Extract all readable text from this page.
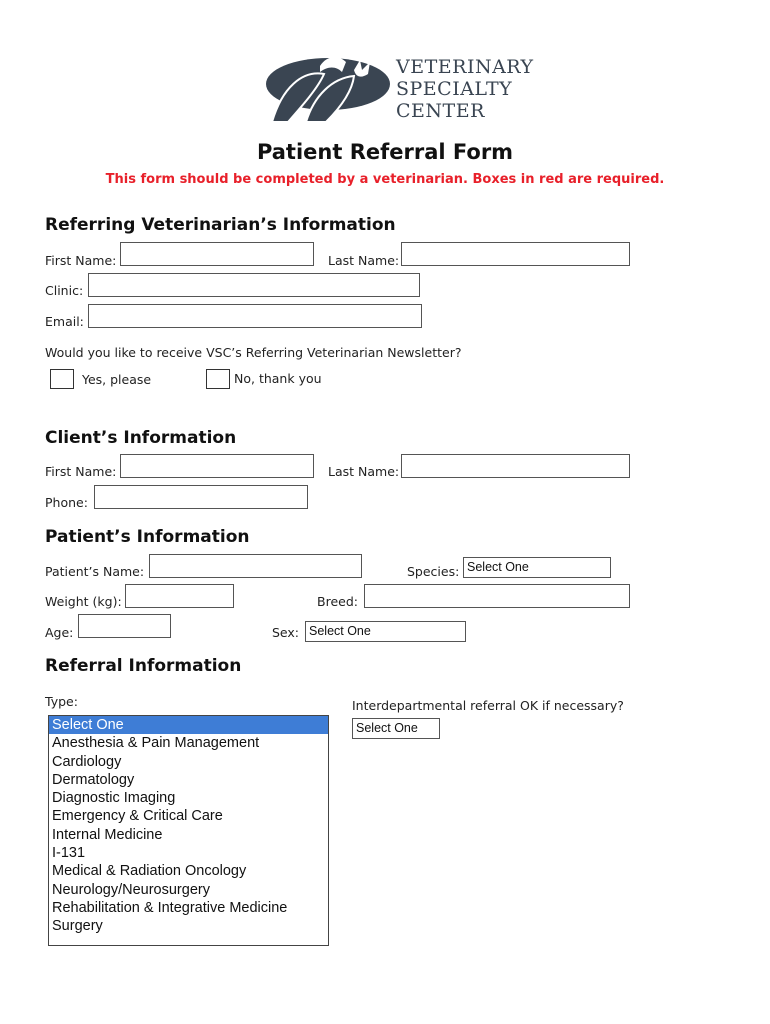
VETERINARY
SPECIALTY
CENTER
Patient Referral Form
This form should be completed by a veterinarian. Boxes in red are required.
Referring Veterinarian’s Information
First Name:	Last Name:
Clinic:
Email:
Would you like to receive VSC’s Referring Veterinarian Newsletter?
Yes, please	No, thank you
Client’s Information
First Name:	Last Name:
Phone:
Patient’s Information
Patient’s Name:	Species: Select One
Weight (kg):	Breed:
Age:	Sex: Select One
Referral Information
Type:
Select One
Anesthesia & Pain Management
Cardiology
Dermatology
Diagnostic Imaging
Emergency & Critical Care
Internal Medicine
I-131
Medical & Radiation Oncology
Neurology/Neurosurgery
Rehabilitation & Integrative Medicine
Surgery
Interdepartmental referral OK if necessary?
Select One
